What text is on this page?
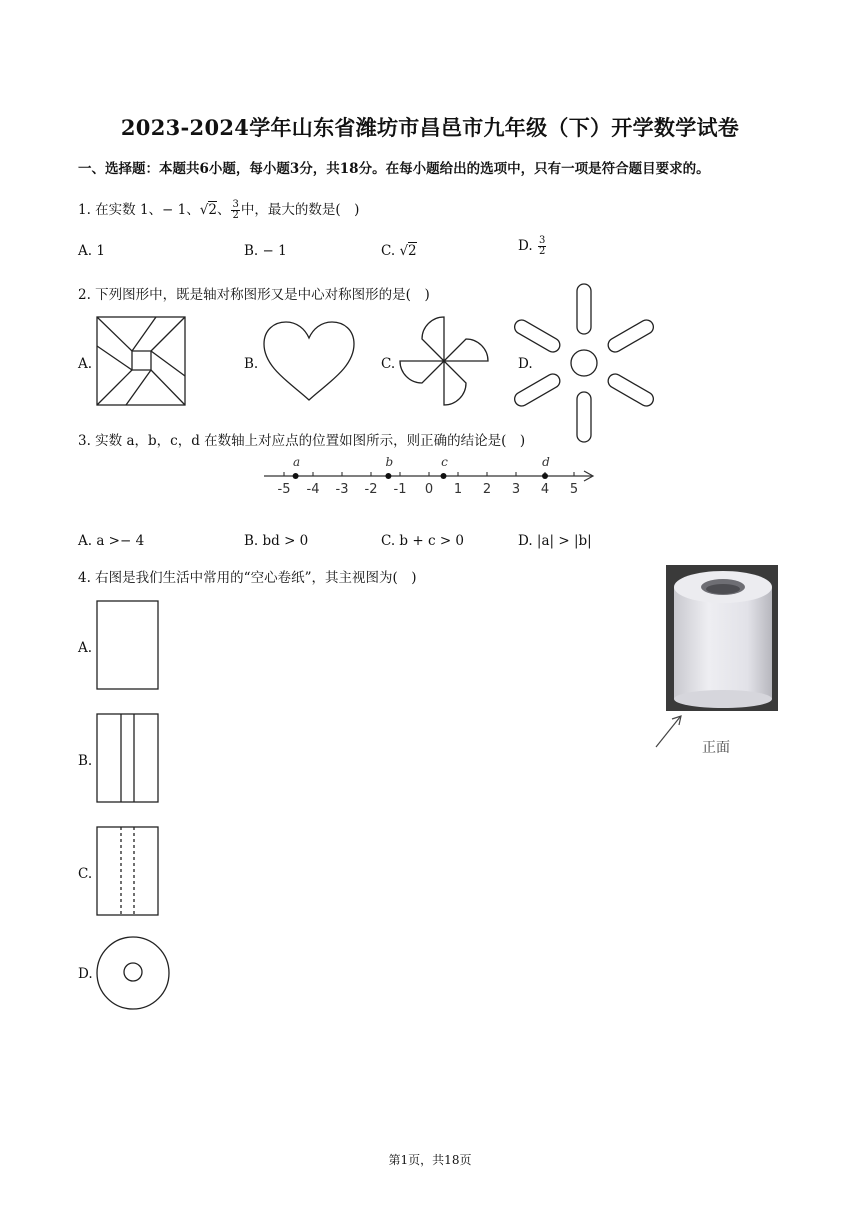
2023-2024学年山东省潍坊市昌邑市九年级（下）开学数学试卷
一、选择题：本题共6小题，每小题3分，共18分。在每小题给出的选项中，只有一项是符合题目要求的。
1. 在实数 1、− 1、√2、 $\frac{3}{2}$ 中，最大的数是(　)
A. 1	B. − 1	C. √2	D. $\frac{3}{2}$
2. 下列图形中，既是轴对称图形又是中心对称图形的是(　)
A.	B.	C.	D.
3. 实数 a，b，c，d 在数轴上对应点的位置如图所示，则正确的结论是(　)
-5 -4 -3 -2 -1 0 1 2 3 4 5
a	b	c	d
A. a >− 4	B. bd > 0	C. b + c > 0	D. |a| > |b|
4. 右图是我们生活中常用的“空心卷纸”，其主视图为(　)
A.
B.
C.
D.
正面
第1页，共18页
